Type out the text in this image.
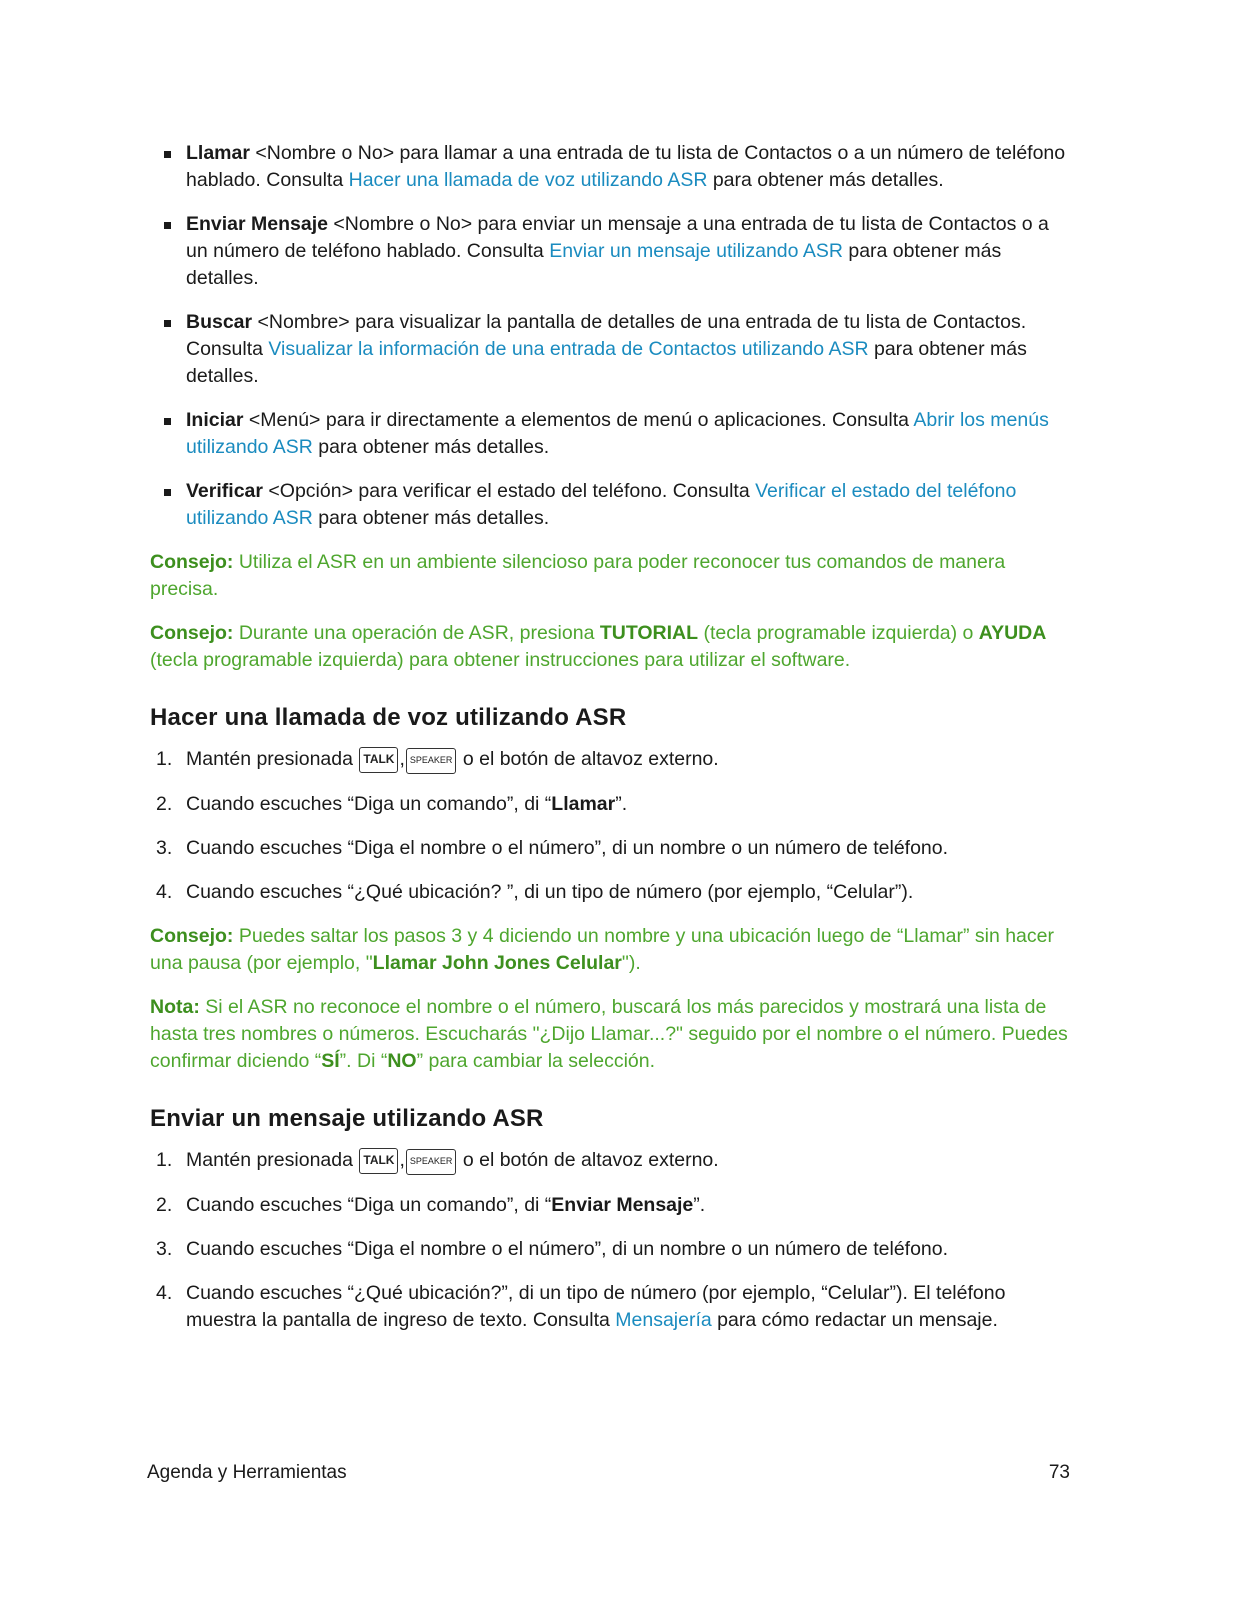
Llamar <Nombre o No> para llamar a una entrada de tu lista de Contactos o a un número de teléfono hablado. Consulta Hacer una llamada de voz utilizando ASR para obtener más detalles.
Enviar Mensaje <Nombre o No> para enviar un mensaje a una entrada de tu lista de Contactos o a un número de teléfono hablado. Consulta Enviar un mensaje utilizando ASR para obtener más detalles.
Buscar <Nombre> para visualizar la pantalla de detalles de una entrada de tu lista de Contactos. Consulta Visualizar la información de una entrada de Contactos utilizando ASR para obtener más detalles.
Iniciar <Menú> para ir directamente a elementos de menú o aplicaciones. Consulta Abrir los menús utilizando ASR para obtener más detalles.
Verificar <Opción> para verificar el estado del teléfono. Consulta Verificar el estado del teléfono utilizando ASR para obtener más detalles.

Consejo: Utiliza el ASR en un ambiente silencioso para poder reconocer tus comandos de manera precisa.

Consejo: Durante una operación de ASR, presiona TUTORIAL (tecla programable izquierda) o AYUDA (tecla programable izquierda) para obtener instrucciones para utilizar el software.

Hacer una llamada de voz utilizando ASR
1. Mantén presionada TALK , SPEAKER o el botón de altavoz externo.
2. Cuando escuches “Diga un comando”, di “Llamar”.
3. Cuando escuches “Diga el nombre o el número”, di un nombre o un número de teléfono.
4. Cuando escuches “¿Qué ubicación? ”, di un tipo de número (por ejemplo, “Celular”).

Consejo: Puedes saltar los pasos 3 y 4 diciendo un nombre y una ubicación luego de “Llamar” sin hacer una pausa (por ejemplo, "Llamar John Jones Celular").

Nota: Si el ASR no reconoce el nombre o el número, buscará los más parecidos y mostrará una lista de hasta tres nombres o números. Escucharás "¿Dijo Llamar...?" seguido por el nombre o el número. Puedes confirmar diciendo “SÍ”. Di “NO” para cambiar la selección.

Enviar un mensaje utilizando ASR
1. Mantén presionada TALK , SPEAKER o el botón de altavoz externo.
2. Cuando escuches “Diga un comando”, di “Enviar Mensaje”.
3. Cuando escuches “Diga el nombre o el número”, di un nombre o un número de teléfono.
4. Cuando escuches “¿Qué ubicación?”, di un tipo de número (por ejemplo, “Celular”). El teléfono muestra la pantalla de ingreso de texto. Consulta Mensajería para cómo redactar un mensaje.
Agenda y Herramientas	73
